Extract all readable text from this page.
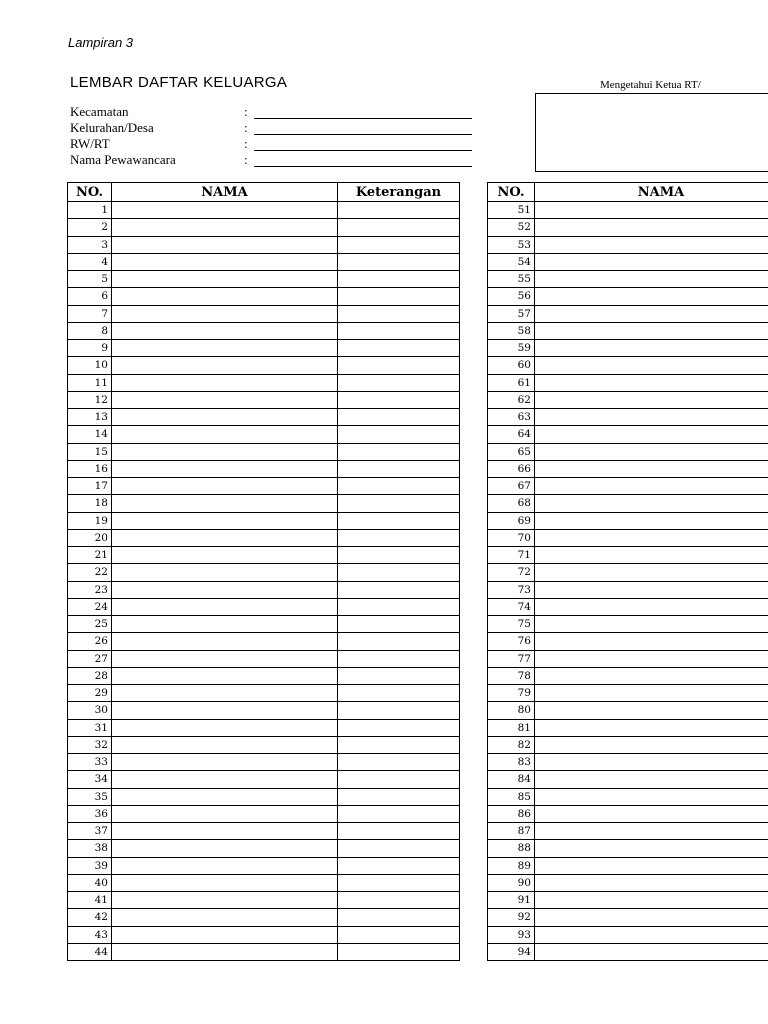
Lampiran 3
LEMBAR DAFTAR KELUARGA
Kecamatan	:
Kelurahan/Desa	:
RW/RT	:
Nama Pewawancara	:
Mengetahui Ketua RT/
NO.	NAMA	Keterangan
1		
2		
3		
4		
5		
6		
7		
8		
9		
10		
11		
12		
13		
14		
15		
16		
17		
18		
19		
20		
21		
22		
23		
24		
25		
26		
27		
28		
29		
30		
31		
32		
33		
34		
35		
36		
37		
38		
39		
40		
41		
42		
43		
44		
NO.	NAMA
51	
52	
53	
54	
55	
56	
57	
58	
59	
60	
61	
62	
63	
64	
65	
66	
67	
68	
69	
70	
71	
72	
73	
74	
75	
76	
77	
78	
79	
80	
81	
82	
83	
84	
85	
86	
87	
88	
89	
90	
91	
92	
93	
94	
